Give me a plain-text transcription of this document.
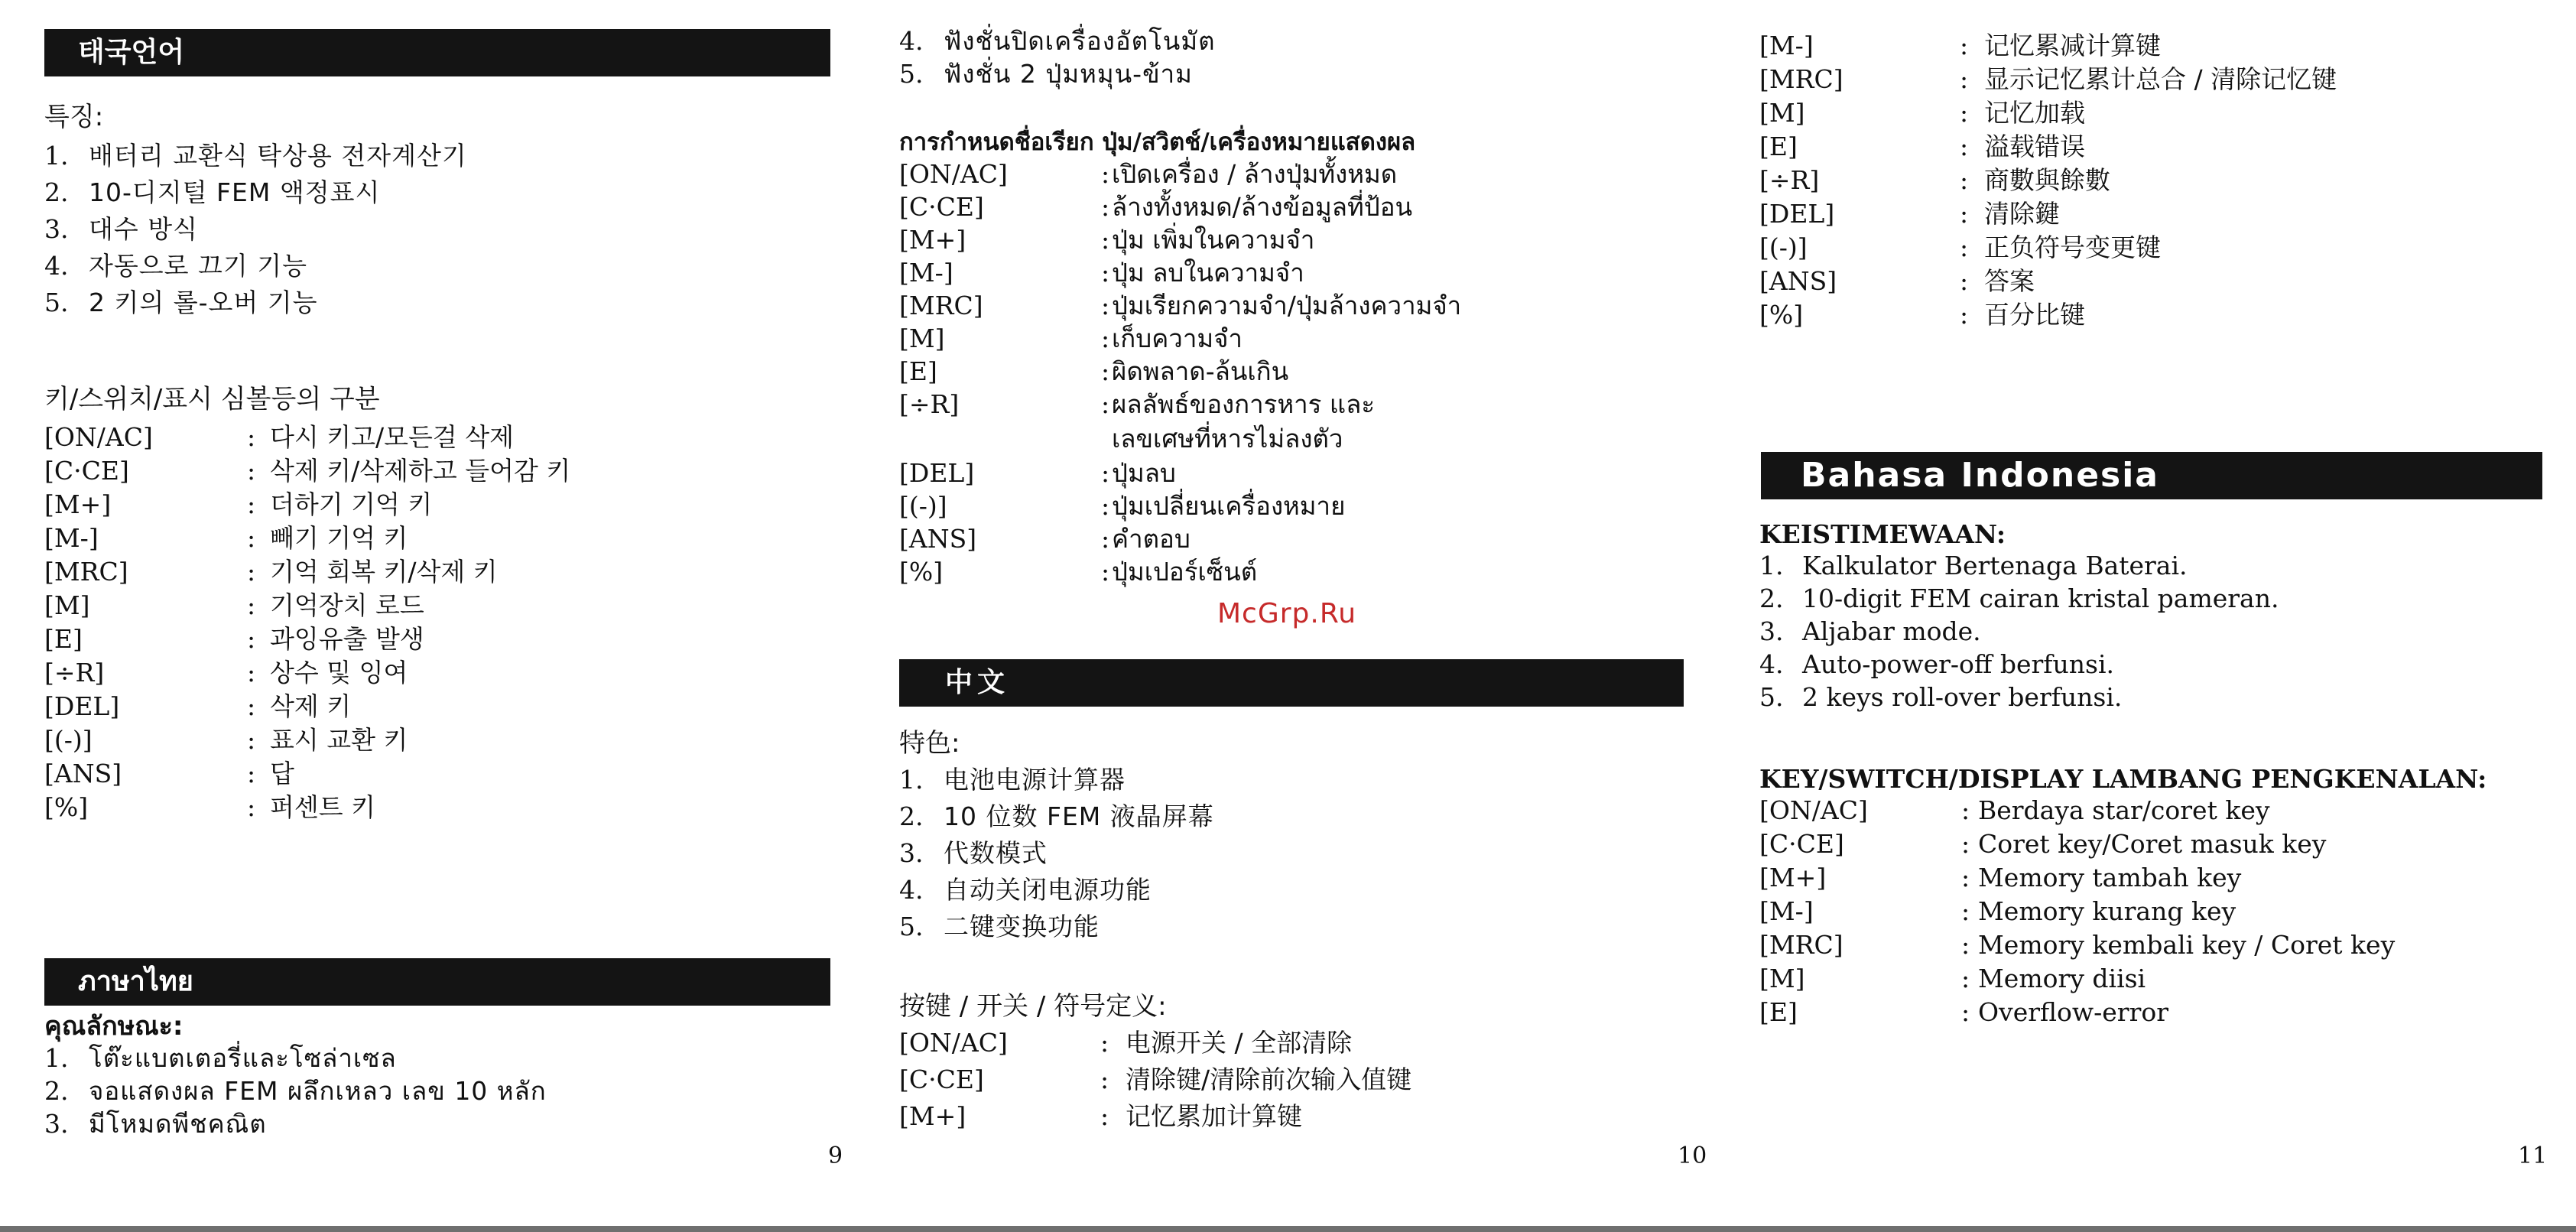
태국언어
특징:
1. 배터리 교환식 탁상용 전자계산기
2. 10-디지털 FEM 액정표시
3. 대수 방식
4. 자동으로 끄기 기능
5. 2 키의 롤-오버 기능
키/스위치/표시 심볼등의 구분
[ON/AC]	: 다시 키고/모든걸 삭제
[C·CE]	: 삭제 키/삭제하고 들어감 키
[M+]	: 더하기 기억 키
[M-]	: 빼기 기억 키
[MRC]	: 기억 회복 키/삭제 키
[M]	: 기억장치 로드
[E]	: 과잉유출 발생
[÷R]	: 상수 및 잉여
[DEL]	: 삭제 키
[(-)]	: 표시 교환 키
[ANS]	: 답
[%]	: 퍼센트 키
ภาษาไทย
คุณลักษณะ:
1. โต๊ะแบตเตอรี่และโซล่าเซล
2. จอแสดงผล FEM ผลึกเหลว เลข 10 หลัก
3. มีโหมดพีชคณิต
9
4. ฟังชั่นปิดเครื่องอัตโนมัต
5. ฟังชั่น 2 ปุ่มหมุน-ข้าม
การกำหนดชื่อเรียก ปุ่ม/สวิตช์/เครื่องหมายแสดงผล
[ON/AC]	: เปิดเครื่อง / ล้างปุ่มทั้งหมด
[C·CE]	: ล้างทั้งหมด/ล้างข้อมูลที่ป้อน
[M+]	: ปุ่ม เพิ่มในความจำ
[M-]	: ปุ่ม ลบในความจำ
[MRC]	: ปุ่มเรียกความจำ/ปุ่มล้างความจำ
[M]	: เก็บความจำ
[E]	: ผิดพลาด-ล้นเกิน
[÷R]	: ผลลัพธ์ของการหาร และ
เลขเศษที่หารไม่ลงตัว
[DEL]	: ปุ่มลบ
[(-)]	: ปุ่มเปลี่ยนเครื่องหมาย
[ANS]	: คำตอบ
[%]	: ปุ่มเปอร์เซ็นต์
中文
特色:
1. 电池电源计算器
2. 10 位数 FEM 液晶屏幕
3. 代数模式
4. 自动关闭电源功能
5. 二键变换功能
按键 / 开关 / 符号定义:
[ON/AC]	: 电源开关 / 全部清除
[C·CE]	: 清除键/清除前次输入值键
[M+]	: 记忆累加计算键
McGrp.Ru
10
[M-]	: 记忆累减计算键
[MRC]	: 显示记忆累计总合 / 清除记忆键
[M]	: 记忆加载
[E]	: 溢载错误
[÷R]	: 商數與餘數
[DEL]	: 清除鍵
[(-)]	: 正负符号变更键
[ANS]	: 答案
[%]	: 百分比键
Bahasa Indonesia
KEISTIMEWAAN:
1. Kalkulator Bertenaga Baterai.
2. 10-digit FEM cairan kristal pameran.
3. Aljabar mode.
4. Auto-power-off berfunsi.
5. 2 keys roll-over berfunsi.
KEY/SWITCH/DISPLAY LAMBANG PENGKENALAN:
[ON/AC]	: Berdaya star/coret key
[C·CE]	: Coret key/Coret masuk key
[M+]	: Memory tambah key
[M-]	: Memory kurang key
[MRC]	: Memory kembali key / Coret key
[M]	: Memory diisi
[E]	: Overflow-error
11
